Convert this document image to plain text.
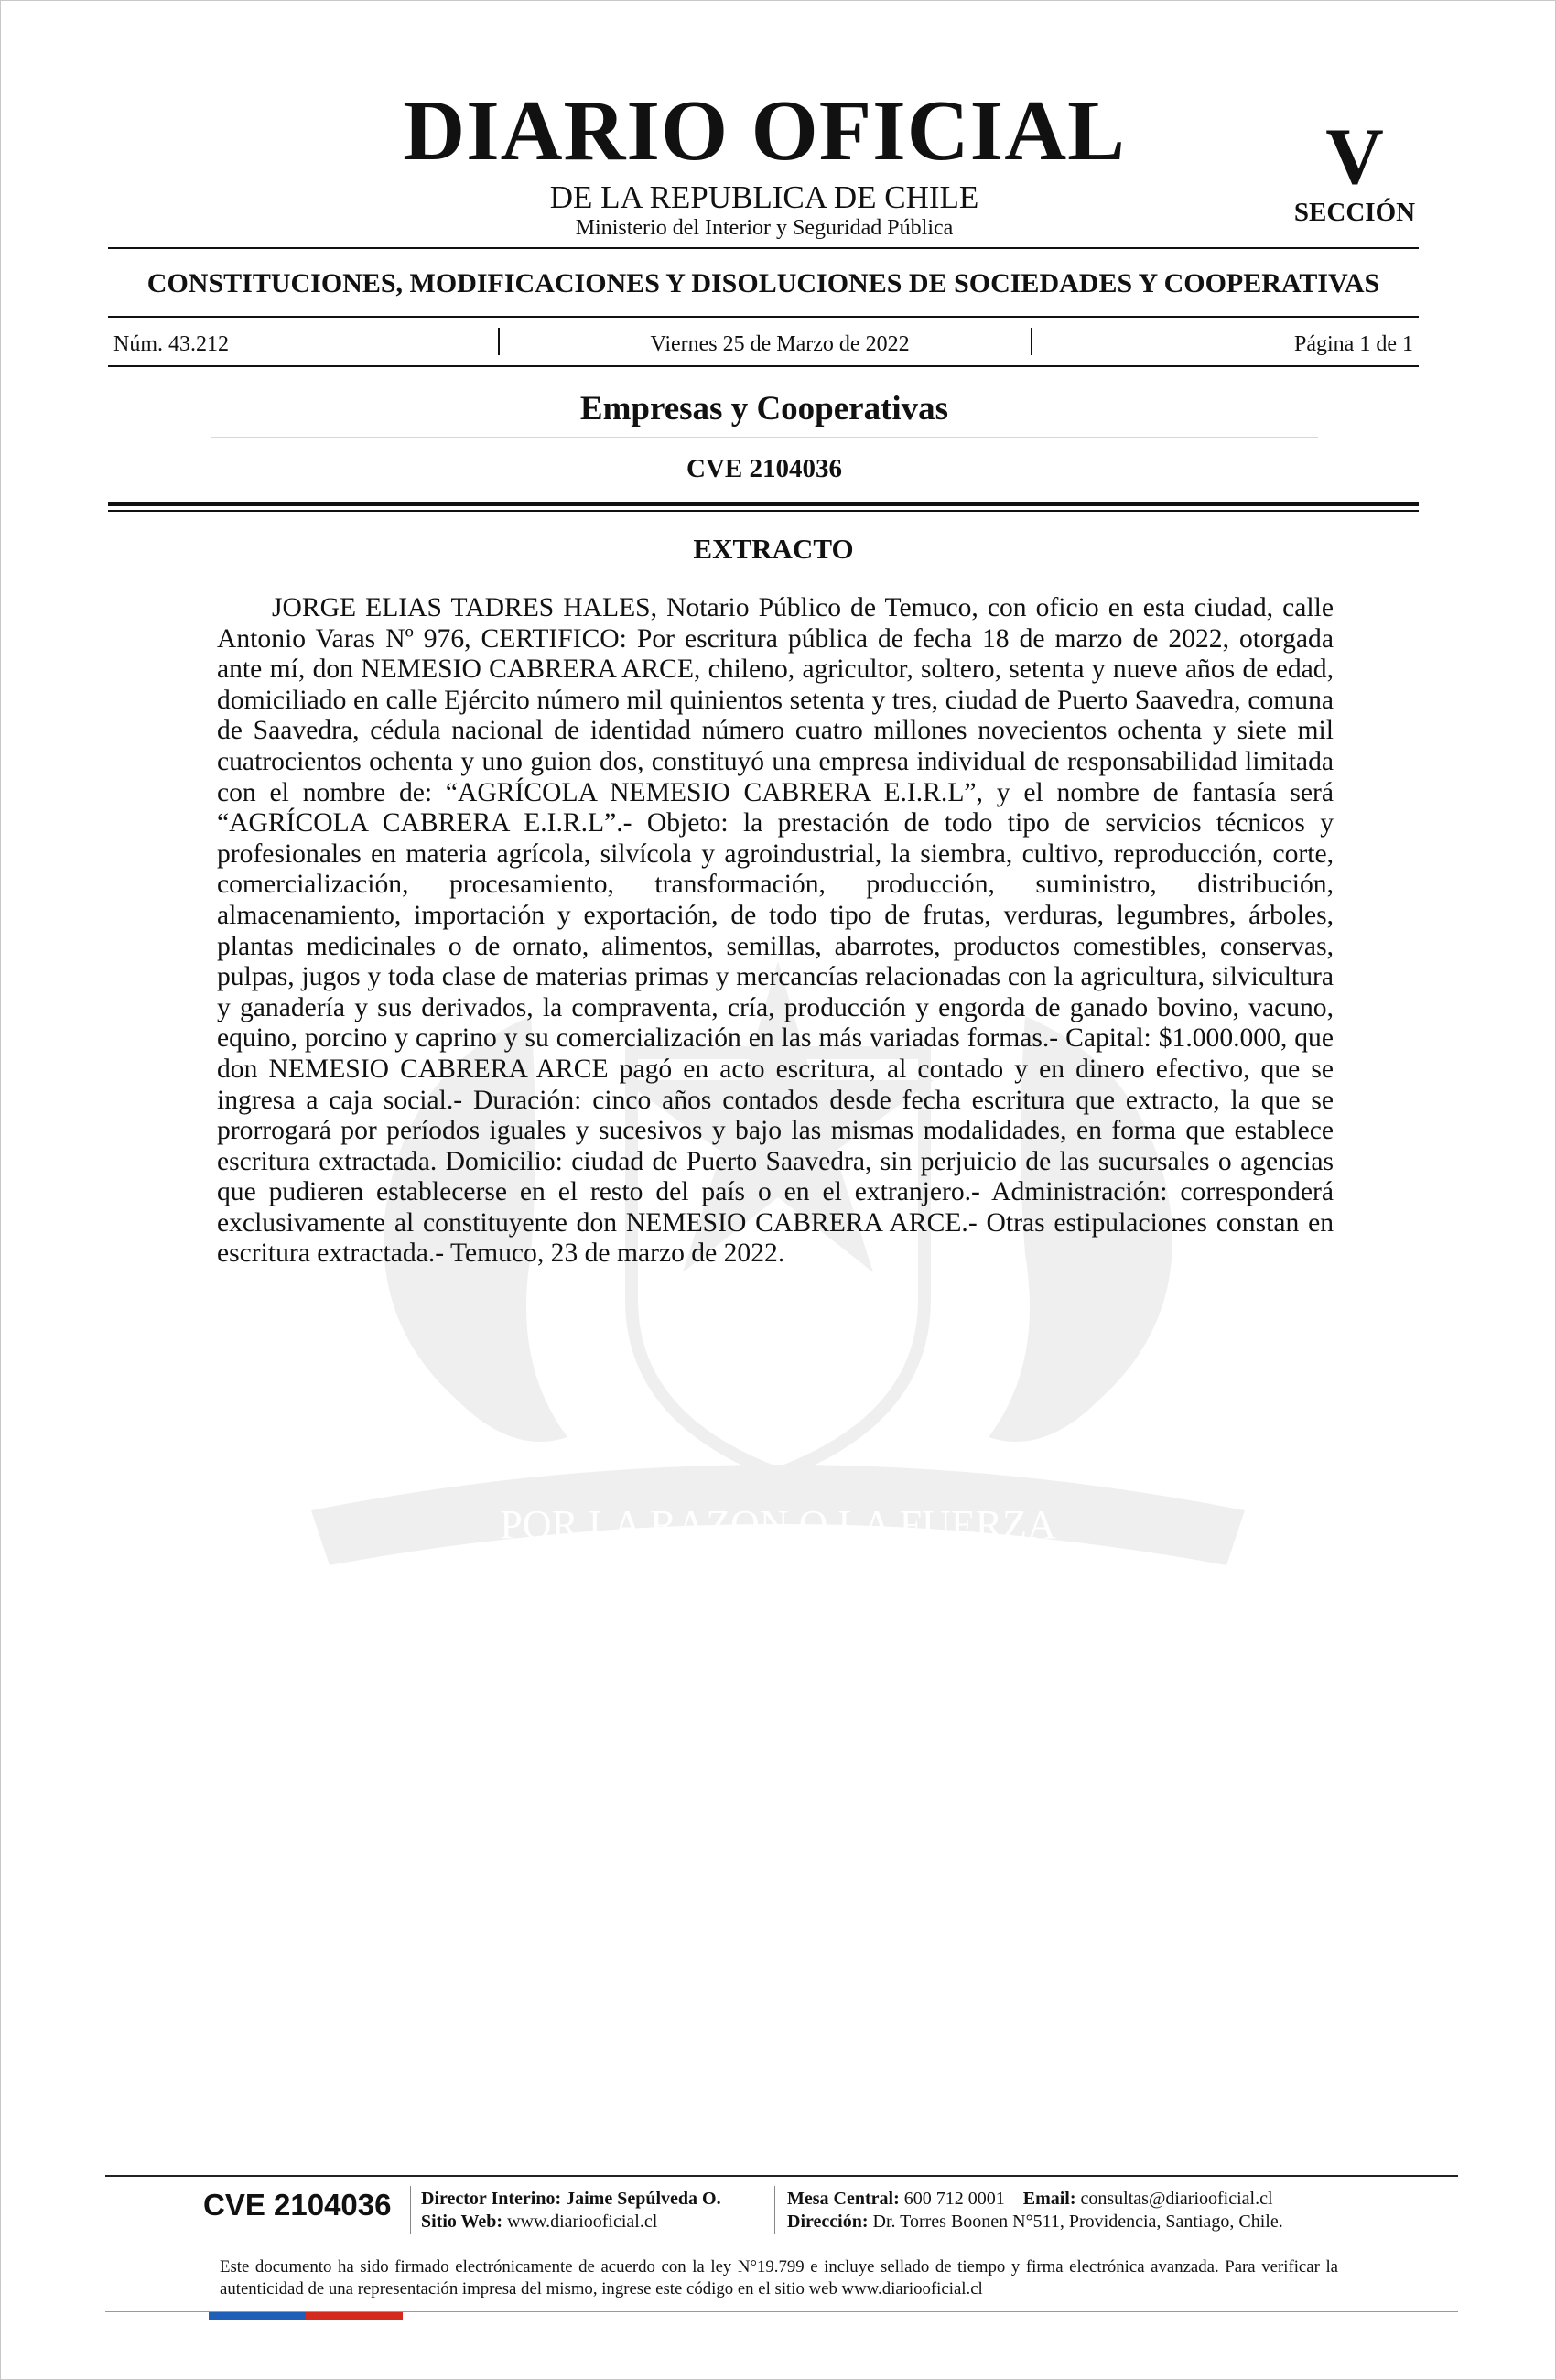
POR LA RAZON O LA FUERZA
DIARIO OFICIAL
DE LA REPUBLICA DE CHILE
Ministerio del Interior y Seguridad Pública
V
SECCIÓN
CONSTITUCIONES, MODIFICACIONES Y DISOLUCIONES DE SOCIEDADES Y COOPERATIVAS
Núm. 43.212	Viernes 25 de Marzo de 2022	Página 1 de 1
Empresas y Cooperativas
CVE 2104036
EXTRACTO

JORGE ELIAS TADRES HALES, Notario Público de Temuco, con oficio en esta ciudad, calle Antonio Varas Nº 976, CERTIFICO: Por escritura pública de fecha 18 de marzo de 2022, otorgada ante mí, don NEMESIO CABRERA ARCE, chileno, agricultor, soltero, setenta y nueve años de edad, domiciliado en calle Ejército número mil quinientos setenta y tres, ciudad de Puerto Saavedra, comuna de Saavedra, cédula nacional de identidad número cuatro millones novecientos ochenta y siete mil cuatrocientos ochenta y uno guion dos, constituyó una empresa individual de responsabilidad limitada con el nombre de: “AGRÍCOLA NEMESIO CABRERA E.I.R.L”, y el nombre de fantasía será “AGRÍCOLA CABRERA E.I.R.L”.- Objeto: la prestación de todo tipo de servicios técnicos y profesionales en materia agrícola, silvícola y agroindustrial, la siembra, cultivo, reproducción, corte, comercialización, procesamiento, transformación, producción, suministro, distribución, almacenamiento, importación y exportación, de todo tipo de frutas, verduras, legumbres, árboles, plantas medicinales o de ornato, alimentos, semillas, abarrotes, productos comestibles, conservas, pulpas, jugos y toda clase de materias primas y mercancías relacionadas con la agricultura, silvicultura y ganadería y sus derivados, la compraventa, cría, producción y engorda de ganado bovino, vacuno, equino, porcino y caprino y su comercialización en las más variadas formas.- Capital: $1.000.000, que don NEMESIO CABRERA ARCE pagó en acto escritura, al contado y en dinero efectivo, que se ingresa a caja social.- Duración: cinco años contados desde fecha escritura que extracto, la que se prorrogará por períodos iguales y sucesivos y bajo las mismas modalidades, en forma que establece escritura extractada. Domicilio: ciudad de Puerto Saavedra, sin perjuicio de las sucursales o agencias que pudieren establecerse en el resto del país o en el extranjero.- Administración: corresponderá exclusivamente al constituyente don NEMESIO CABRERA ARCE.- Otras estipulaciones constan en escritura extractada.- Temuco, 23 de marzo de 2022.

CVE 2104036 Director Interino: Jaime Sepúlveda O.
Sitio Web: www.diariooficial.cl
Mesa Central: 600 712 0001 Email: consultas@diariooficial.cl
Dirección: Dr. Torres Boonen N°511, Providencia, Santiago, Chile.

Este documento ha sido firmado electrónicamente de acuerdo con la ley N°19.799 e incluye sellado de tiempo y firma electrónica avanzada. Para verificar la autenticidad de una representación impresa del mismo, ingrese este código en el sitio web www.diariooficial.cl
